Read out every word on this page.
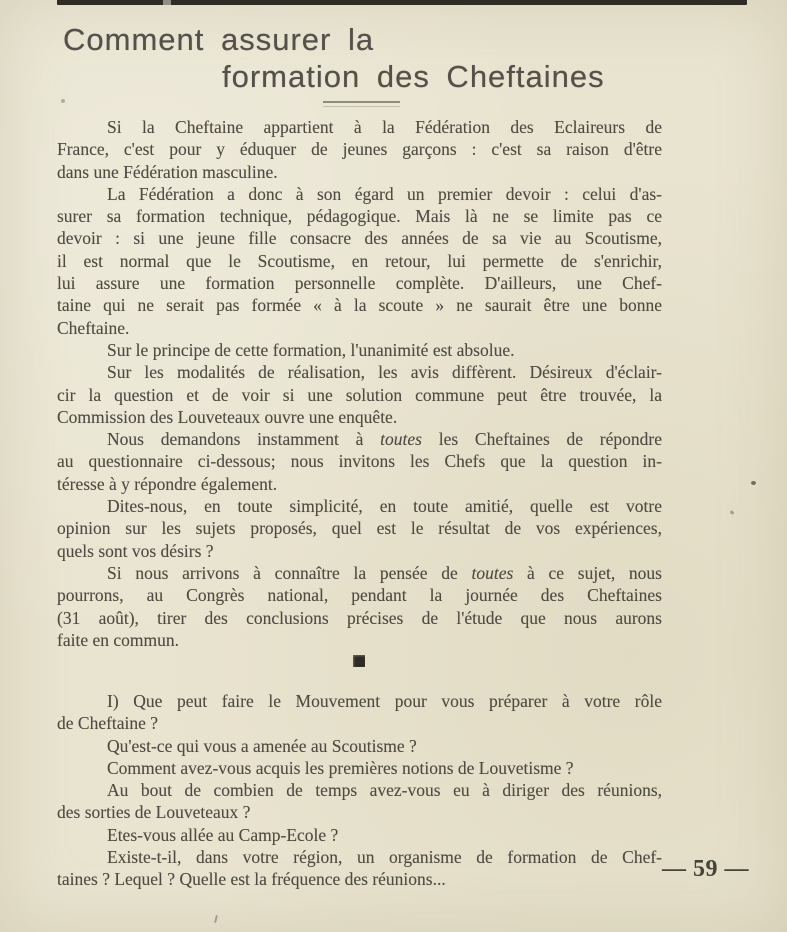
Comment assurer la
formation des Cheftaines
Si la Cheftaine appartient à la Fédération des Eclaireurs de
France, c'est pour y éduquer de jeunes garçons : c'est sa raison d'être
dans une Fédération masculine.
La Fédération a donc à son égard un premier devoir : celui d'as-
surer sa formation technique, pédagogique. Mais là ne se limite pas ce
devoir : si une jeune fille consacre des années de sa vie au Scoutisme,
il est normal que le Scoutisme, en retour, lui permette de s'enrichir,
lui assure une formation personnelle complète. D'ailleurs, une Chef-
taine qui ne serait pas formée « à la scoute » ne saurait être une bonne
Cheftaine.
Sur le principe de cette formation, l'unanimité est absolue.
Sur les modalités de réalisation, les avis diffèrent. Désireux d'éclair-
cir la question et de voir si une solution commune peut être trouvée, la
Commission des Louveteaux ouvre une enquête.
Nous demandons instamment à toutes les Cheftaines de répondre
au questionnaire ci-dessous; nous invitons les Chefs que la question in-
téresse à y répondre également.
Dites-nous, en toute simplicité, en toute amitié, quelle est votre
opinion sur les sujets proposés, quel est le résultat de vos expériences,
quels sont vos désirs ?
Si nous arrivons à connaître la pensée de toutes à ce sujet, nous
pourrons, au Congrès national, pendant la journée des Cheftaines
(31 août), tirer des conclusions précises de l'étude que nous aurons
faite en commun.
I) Que peut faire le Mouvement pour vous préparer à votre rôle
de Cheftaine ?
Qu'est-ce qui vous a amenée au Scoutisme ?
Comment avez-vous acquis les premières notions de Louvetisme ?
Au bout de combien de temps avez-vous eu à diriger des réunions,
des sorties de Louveteaux ?
Etes-vous allée au Camp-Ecole ?
Existe-t-il, dans votre région, un organisme de formation de Chef-
taines ? Lequel ? Quelle est la fréquence des réunions...	— 59 —
